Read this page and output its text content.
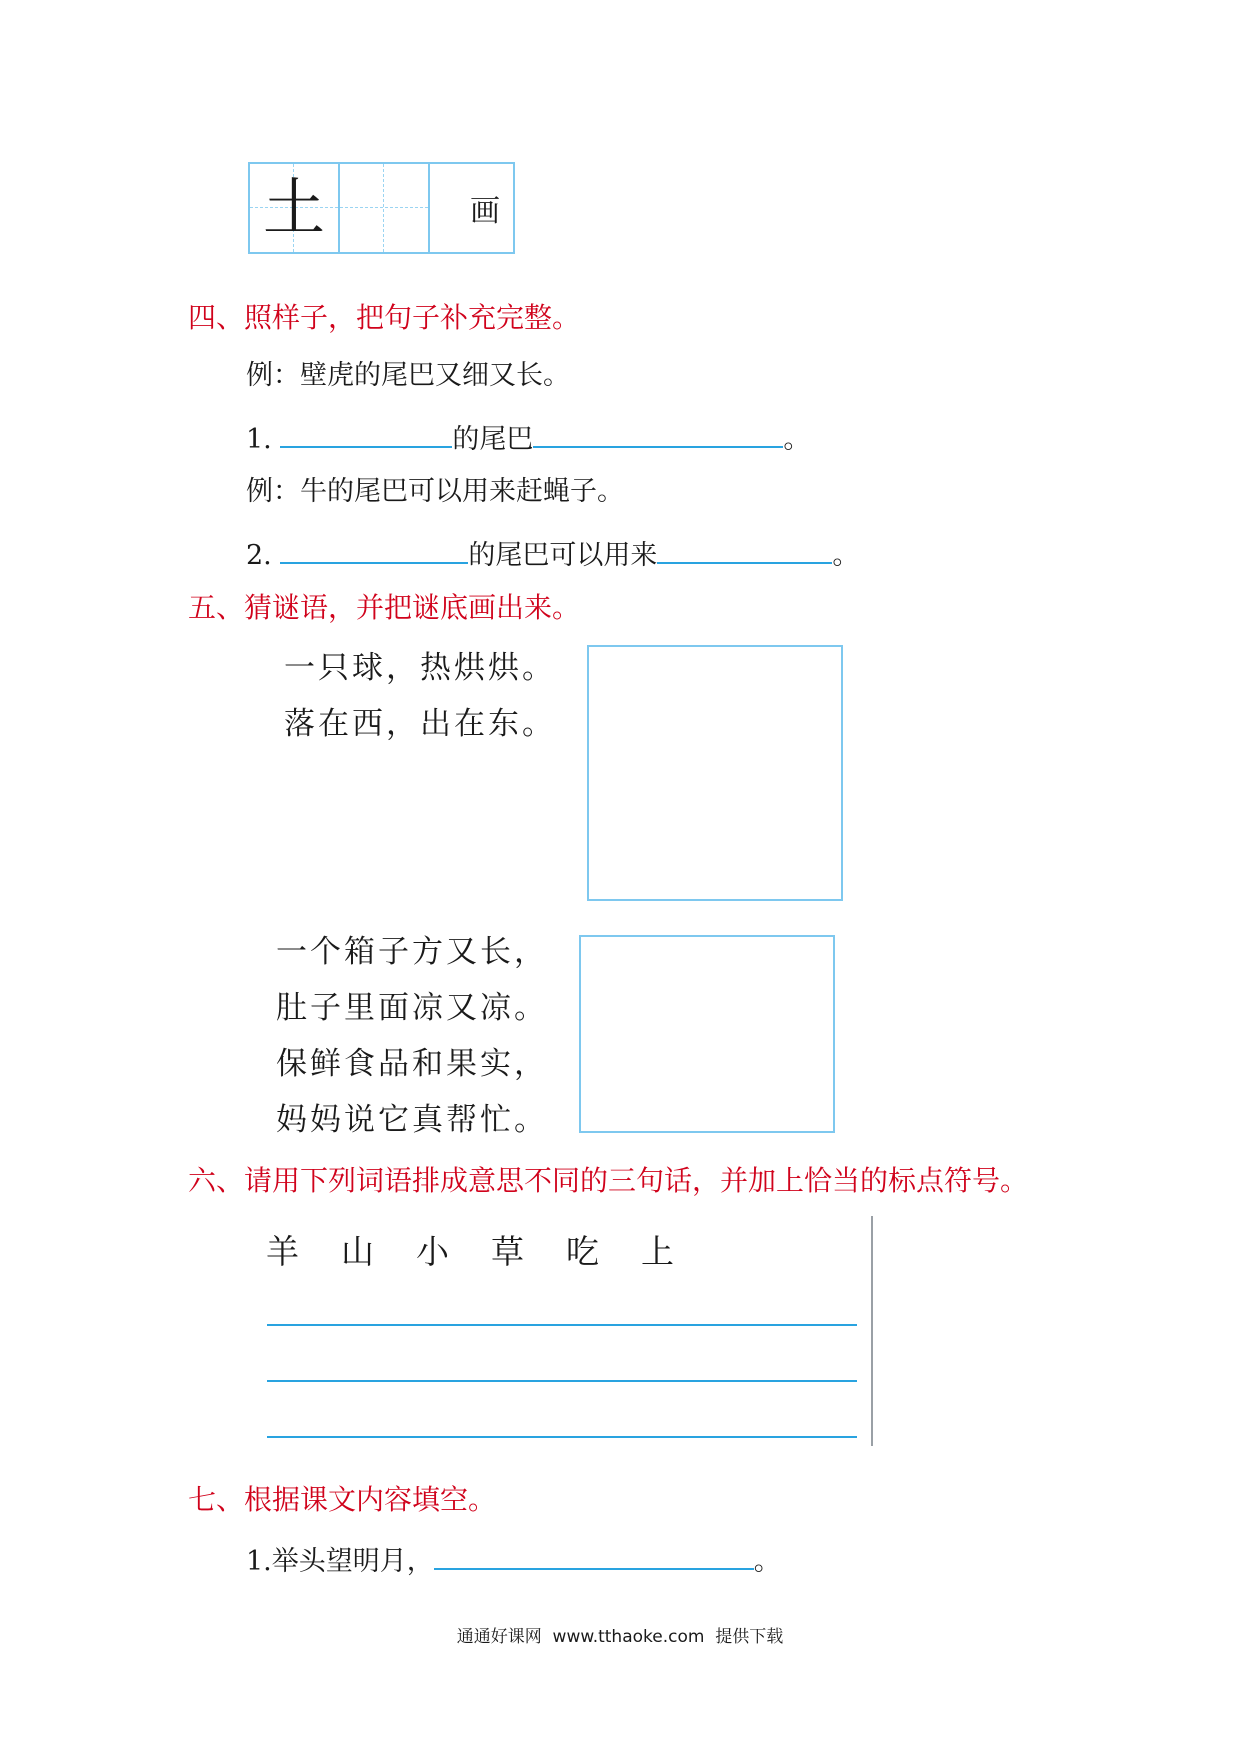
土	画
四、照样子，把句子补充完整。
例：壁虎的尾巴又细又长。
1.	的尾巴	。
例：牛的尾巴可以用来赶蝇子。
2.	的尾巴可以用来	。
五、猜谜语，并把谜底画出来。
一只球，热烘烘。
落在西，出在东。
一个箱子方又长，
肚子里面凉又凉。
保鲜食品和果实，
妈妈说它真帮忙。
六、请用下列词语排成意思不同的三句话，并加上恰当的标点符号。
羊 山 小 草 吃 上
七、根据课文内容填空。
1.举头望明月，	。
通通好课网  www.tthaoke.com  提供下载
